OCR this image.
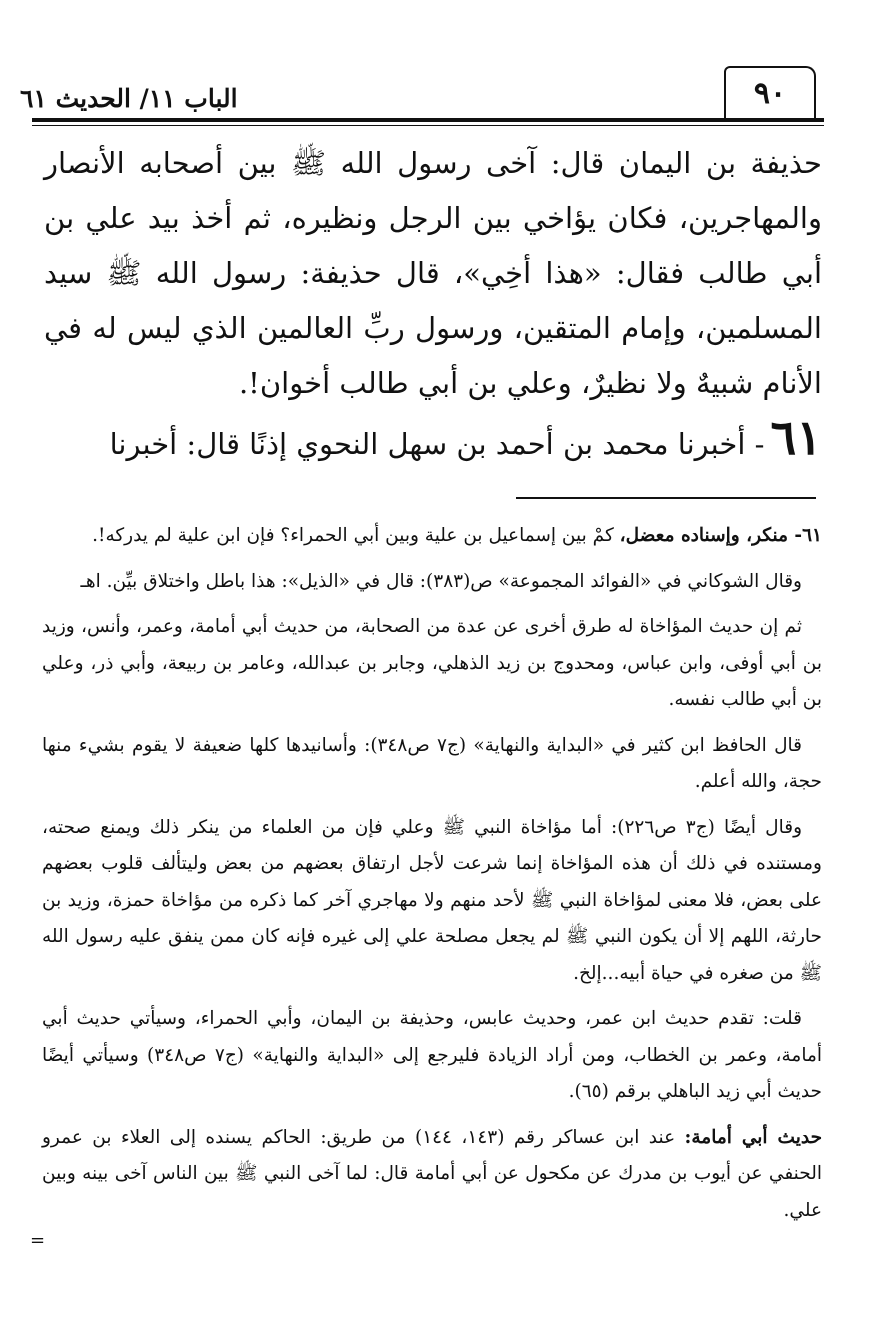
الباب ١١/ الحديث ٦١	٩٠

حذيفة بن اليمان قال: آخى رسول الله ﷺ بين أصحابه الأنصار والمهاجرين، فكان يؤاخي بين الرجل ونظيره، ثم أخذ بيد علي بن أبي طالب فقال: «هذا أخِي»، قال حذيفة: رسول الله ﷺ سيد المسلمين، وإمام المتقين، ورسول ربِّ العالمين الذي ليس له في الأنام شبيهٌ ولا نظيرٌ، وعلي بن أبي طالب أخوان!.

٦١- أخبرنا محمد بن أحمد بن سهل النحوي إذنًا قال: أخبرنا

٦١- منكر، وإسناده معضل، كمْ بين إسماعيل بن علية وبين أبي الحمراء؟ فإن ابن علية لم يدركه!.

وقال الشوكاني في «الفوائد المجموعة» ص(٣٨٣): قال في «الذيل»: هذا باطل واختلاق بيِّن. اهـ

ثم إن حديث المؤاخاة له طرق أخرى عن عدة من الصحابة، من حديث أبي أمامة، وعمر، وأنس، وزيد بن أبي أوفى، وابن عباس، ومحدوج بن زيد الذهلي، وجابر بن عبدالله، وعامر بن ربيعة، وأبي ذر، وعلي بن أبي طالب نفسه.

قال الحافظ ابن كثير في «البداية والنهاية» (ج٧ ص٣٤٨): وأسانيدها كلها ضعيفة لا يقوم بشيء منها حجة، والله أعلم.

وقال أيضًا (ج٣ ص٢٢٦): أما مؤاخاة النبي ﷺ وعلي فإن من العلماء من ينكر ذلك ويمنع صحته، ومستنده في ذلك أن هذه المؤاخاة إنما شرعت لأجل ارتفاق بعضهم من بعض وليتألف قلوب بعضهم على بعض، فلا معنى لمؤاخاة النبي ﷺ لأحد منهم ولا مهاجري آخر كما ذكره من مؤاخاة حمزة، وزيد بن حارثة، اللهم إلا أن يكون النبي ﷺ لم يجعل مصلحة علي إلى غيره فإنه كان ممن ينفق عليه رسول الله ﷺ من صغره في حياة أبيه...إلخ.

قلت: تقدم حديث ابن عمر، وحديث عابس، وحذيفة بن اليمان، وأبي الحمراء، وسيأتي حديث أبي أمامة، وعمر بن الخطاب، ومن أراد الزيادة فليرجع إلى «البداية والنهاية» (ج٧ ص٣٤٨) وسيأتي أيضًا حديث أبي زيد الباهلي برقم (٦٥).

حديث أبي أمامة: عند ابن عساكر رقم (١٤٣، ١٤٤) من طريق: الحاكم يسنده إلى العلاء بن عمرو الحنفي عن أيوب بن مدرك عن مكحول عن أبي أمامة قال: لما آخى النبي ﷺ بين الناس آخى بينه وبين علي.

=
